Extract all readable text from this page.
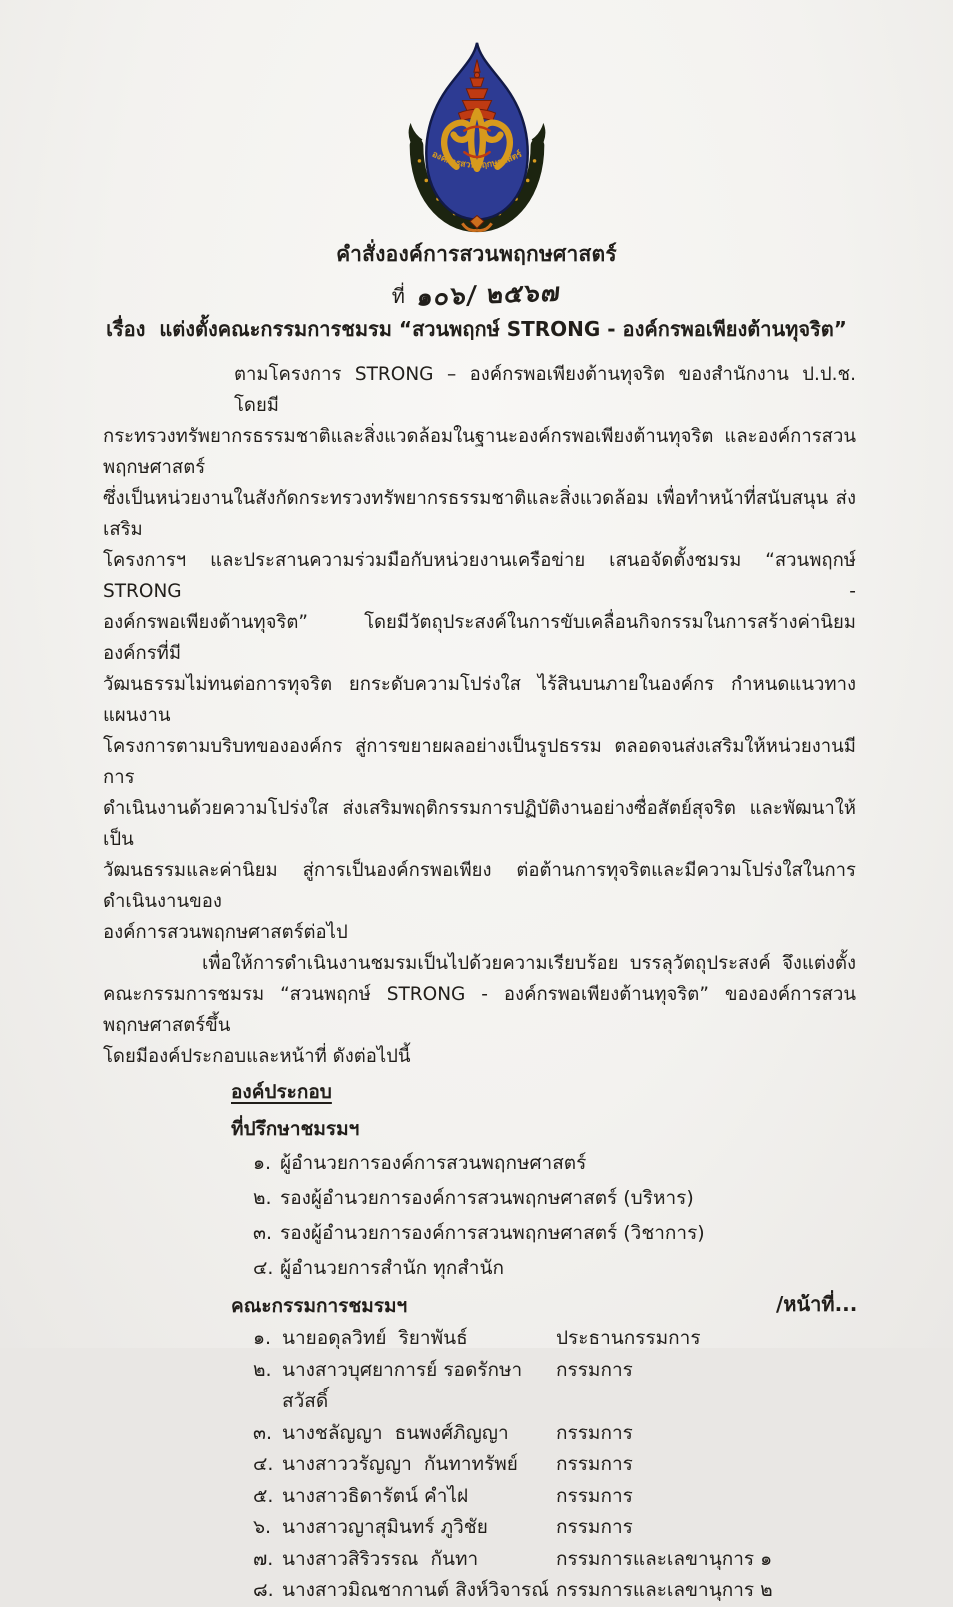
องค์การสวนพฤกษศาสตร์
คำสั่งองค์การสวนพฤกษศาสตร์
ที่ ๑๐๖/ ๒๕๖๗
เรื่อง  แต่งตั้งคณะกรรมการชมรม “สวนพฤกษ์ STRONG - องค์กรพอเพียงต้านทุจริต”
ตามโครงการ STRONG – องค์กรพอเพียงต้านทุจริต ของสำนักงาน ป.ป.ช. โดยมี
กระทรวงทรัพยากรธรรมชาติและสิ่งแวดล้อมในฐานะองค์กรพอเพียงต้านทุจริต และองค์การสวนพฤกษศาสตร์
ซึ่งเป็นหน่วยงานในสังกัดกระทรวงทรัพยากรธรรมชาติและสิ่งแวดล้อม เพื่อทำหน้าที่สนับสนุน ส่งเสริม
โครงการฯ และประสานความร่วมมือกับหน่วยงานเครือข่าย เสนอจัดตั้งชมรม “สวนพฤกษ์ STRONG -
องค์กรพอเพียงต้านทุจริต” โดยมีวัตถุประสงค์ในการขับเคลื่อนกิจกรรมในการสร้างค่านิยมองค์กรที่มี
วัฒนธรรมไม่ทนต่อการทุจริต ยกระดับความโปร่งใส ไร้สินบนภายในองค์กร กำหนดแนวทางแผนงาน
โครงการตามบริบทขององค์กร สู่การขยายผลอย่างเป็นรูปธรรม ตลอดจนส่งเสริมให้หน่วยงานมีการ
ดำเนินงานด้วยความโปร่งใส ส่งเสริมพฤติกรรมการปฏิบัติงานอย่างซื่อสัตย์สุจริต และพัฒนาให้เป็น
วัฒนธรรมและค่านิยม สู่การเป็นองค์กรพอเพียง ต่อต้านการทุจริตและมีความโปร่งใสในการดำเนินงานของ
องค์การสวนพฤกษศาสตร์ต่อไป
เพื่อให้การดำเนินงานชมรมเป็นไปด้วยความเรียบร้อย บรรลุวัตถุประสงค์ จึงแต่งตั้ง
คณะกรรมการชมรม “สวนพฤกษ์ STRONG - องค์กรพอเพียงต้านทุจริต” ขององค์การสวนพฤกษศาสตร์ขึ้น
โดยมีองค์ประกอบและหน้าที่ ดังต่อไปนี้
องค์ประกอบ
ที่ปรึกษาชมรมฯ
๑. ผู้อำนวยการองค์การสวนพฤกษศาสตร์
๒. รองผู้อำนวยการองค์การสวนพฤกษศาสตร์ (บริหาร)
๓. รองผู้อำนวยการองค์การสวนพฤกษศาสตร์ (วิชาการ)
๔. ผู้อำนวยการสำนัก ทุกสำนัก
คณะกรรมการชมรมฯ
๑. นายอดุลวิทย์  ริยาพันธ์	ประธานกรรมการ
๒. นางสาวบุศยาการย์ รอดรักษาสวัสดิ์
กรรมการ
๓. นางชลัญญา  ธนพงศ์ภิญญา	กรรมการ
๔. นางสาววรัญญา  กันทาทรัพย์	กรรมการ
๕. นางสาวธิดารัตน์ คำไฝ	กรรมการ
๖. นางสาวญาสุมินทร์ ภูวิชัย	กรรมการ
๗. นางสาวสิริวรรณ  กันทา	กรรมการและเลขานุการ ๑
๘. นางสาวมิณชากานต์ สิงห์วิจารณ์ กรรมการและเลขานุการ ๒
/หน้าที่...
